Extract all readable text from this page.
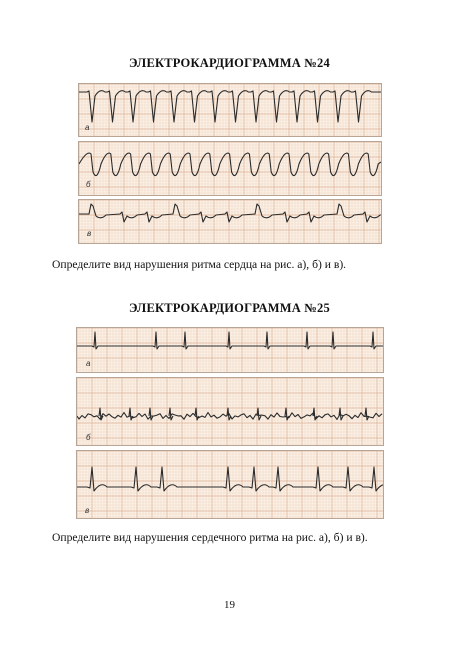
ЭЛЕКТРОКАРДИОГРАММА №24
а
б
в
Определите вид нарушения ритма сердца на рис. а), б) и в).
ЭЛЕКТРОКАРДИОГРАММА №25
а
б
в
Определите вид нарушения сердечного ритма на рис. а), б) и в).
19
